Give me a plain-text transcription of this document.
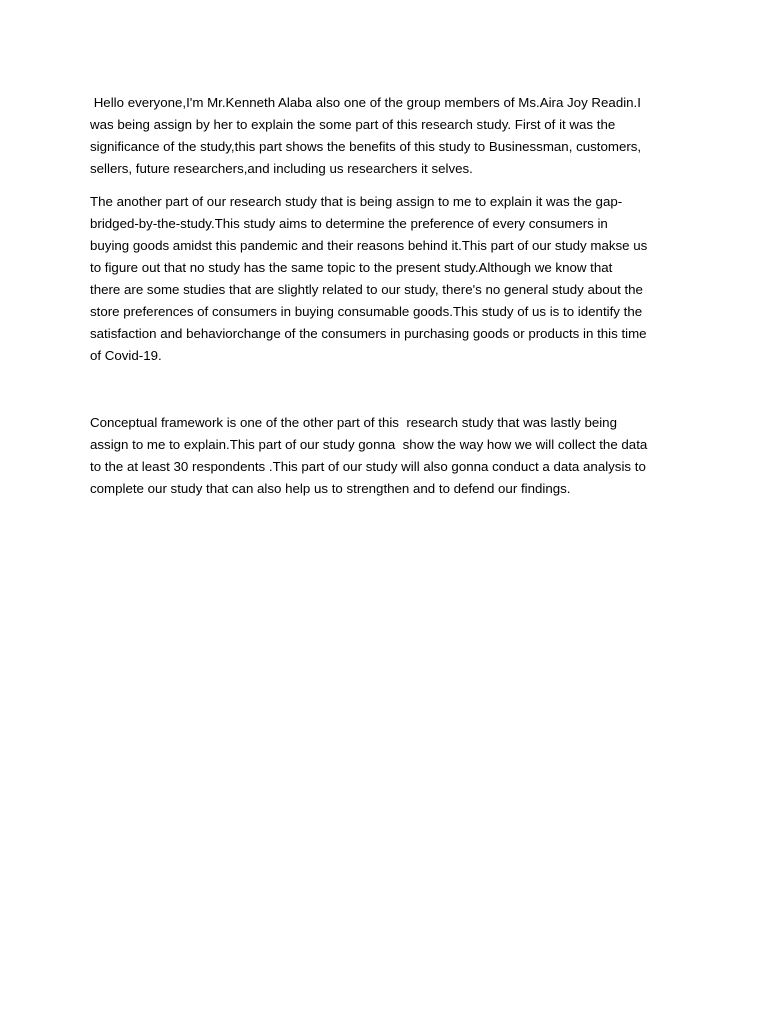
Hello everyone,I'm Mr.Kenneth Alaba also one of the group members of Ms.Aira Joy Readin.I
was being assign by her to explain the some part of this research study. First of it was the
significance of the study,this part shows the benefits of this study to Businessman, customers,
sellers, future researchers,and including us researchers it selves.
The another part of our research study that is being assign to me to explain it was the gap-
bridged-by-the-study.This study aims to determine the preference of every consumers in
buying goods amidst this pandemic and their reasons behind it.This part of our study makse us
to figure out that no study has the same topic to the present study.Although we know that
there are some studies that are slightly related to our study, there's no general study about the
store preferences of consumers in buying consumable goods.This study of us is to identify the
satisfaction and behaviorchange of the consumers in purchasing goods or products in this time
of Covid-19.
Conceptual framework is one of the other part of this  research study that was lastly being
assign to me to explain.This part of our study gonna  show the way how we will collect the data
to the at least 30 respondents .This part of our study will also gonna conduct a data analysis to
complete our study that can also help us to strengthen and to defend our findings.
